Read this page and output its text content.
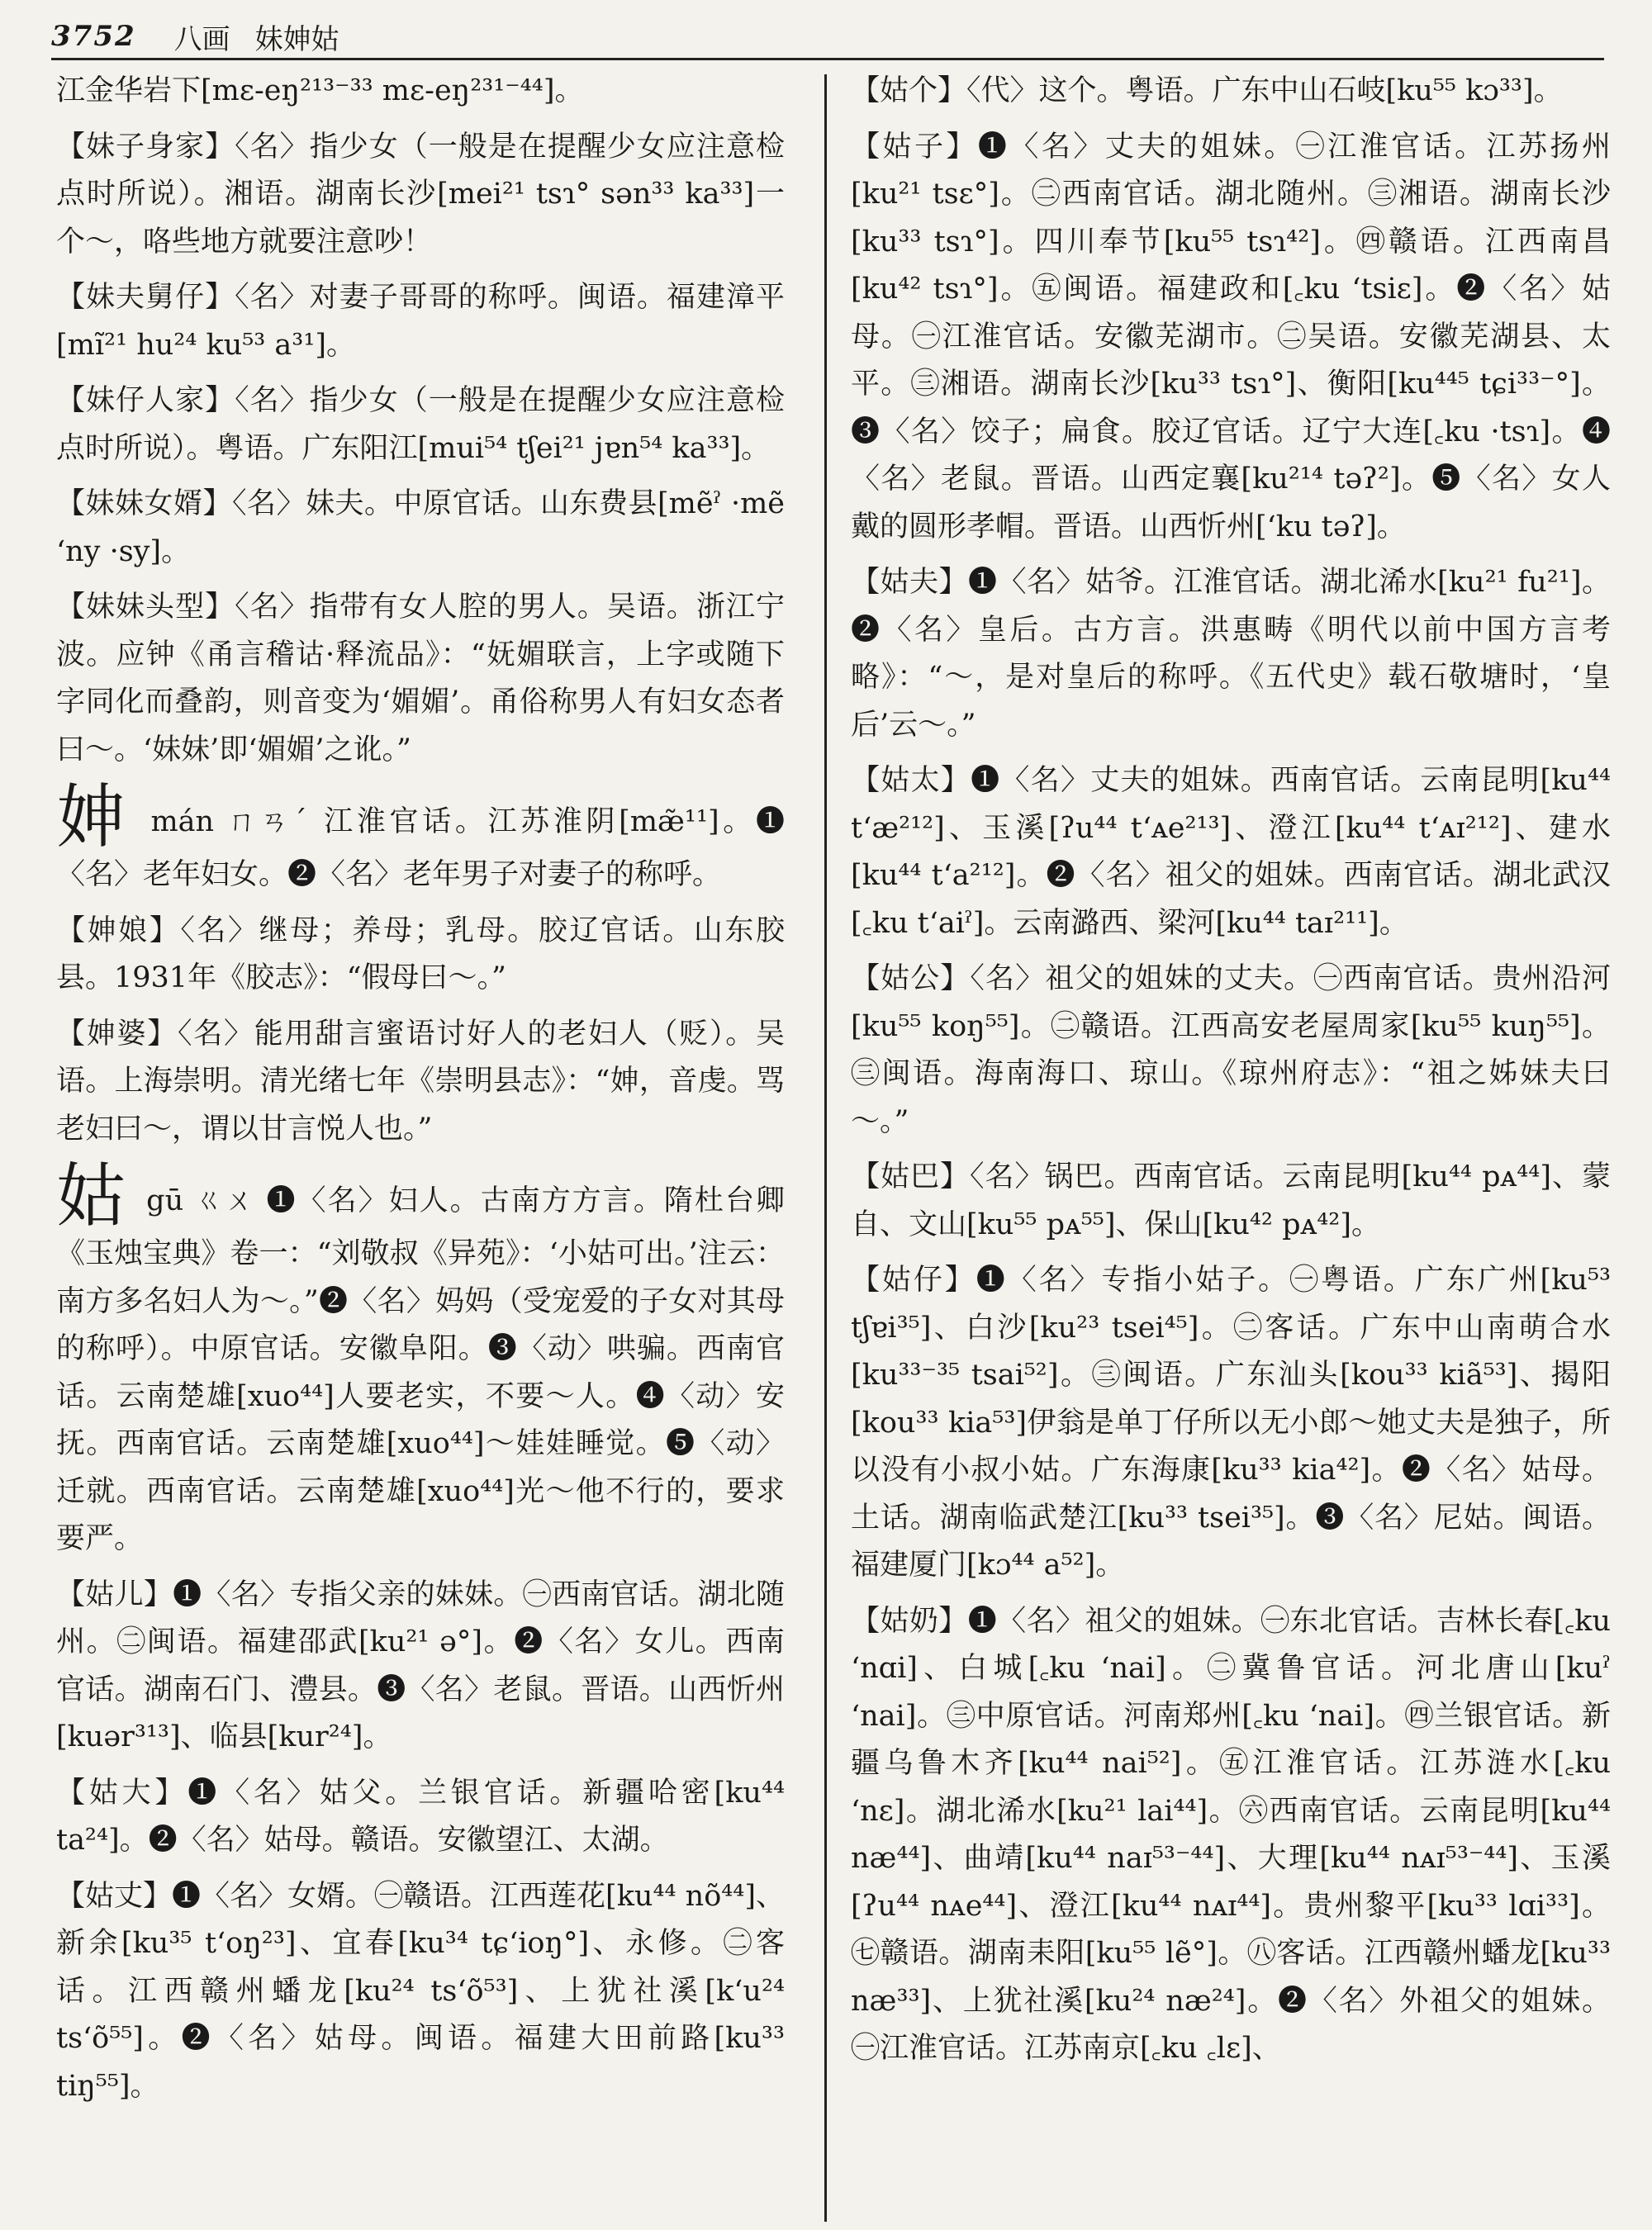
3752 八画 妹妽姑
江金华岩下[mɛ-eŋ²¹³⁻³³ mɛ-eŋ²³¹⁻⁴⁴]。
【妹子身家】〈名〉指少女（一般是在提醒少女应注意检点时所说）。湘语。湖南长沙[mei²¹ tsɿ° sən³³ ka³³]一个～，咯些地方就要注意吵！
【妹夫舅仔】〈名〉对妻子哥哥的称呼。闽语。福建漳平[mĩ²¹ hu²⁴ ku⁵³ a³¹]。
【妹仔人家】〈名〉指少女（一般是在提醒少女应注意检点时所说）。粤语。广东阳江[mui⁵⁴ tʃei²¹ jɐn⁵⁴ ka³³]。
【妹妹女婿】〈名〉妹夫。中原官话。山东费县[mẽˀ ·mẽ ʻny ·sy]。
【妹妹头型】〈名〉指带有女人腔的男人。吴语。浙江宁波。应钟《甬言稽诂·释流品》：“妩媚联言，上字或随下字同化而叠韵，则音变为‘媚媚’。甬俗称男人有妇女态者曰～。‘妹妹’即‘媚媚’之讹。”
妽 mán ㄇㄢˊ 江淮官话。江苏淮阴[mæ̃¹¹]。❶〈名〉老年妇女。❷〈名〉老年男子对妻子的称呼。
【妽娘】〈名〉继母；养母；乳母。胶辽官话。山东胶县。1931年《胶志》：“假母曰～。”
【妽婆】〈名〉能用甜言蜜语讨好人的老妇人（贬）。吴语。上海崇明。清光绪七年《崇明县志》：“妽，音虔。骂老妇曰～，谓以甘言悦人也。”
姑 gū ㄍㄨ ❶〈名〉妇人。古南方方言。隋杜台卿《玉烛宝典》卷一：“刘敬叔《异苑》：‘小姑可出。’注云：南方多名妇人为～。”❷〈名〉妈妈（受宠爱的子女对其母的称呼）。中原官话。安徽阜阳。❸〈动〉哄骗。西南官话。云南楚雄[xuo⁴⁴]人要老实，不要～人。❹〈动〉安抚。西南官话。云南楚雄[xuo⁴⁴]～娃娃睡觉。❺〈动〉迁就。西南官话。云南楚雄[xuo⁴⁴]光～他不行的，要求要严。
【姑儿】❶〈名〉专指父亲的妹妹。㊀西南官话。湖北随州。㊁闽语。福建邵武[ku²¹ ə°]。❷〈名〉女儿。西南官话。湖南石门、澧县。❸〈名〉老鼠。晋语。山西忻州[kuər³¹³]、临县[kur²⁴]。
【姑大】❶〈名〉姑父。兰银官话。新疆哈密[ku⁴⁴ ta²⁴]。❷〈名〉姑母。赣语。安徽望江、太湖。
【姑丈】❶〈名〉女婿。㊀赣语。江西莲花[ku⁴⁴ nõ⁴⁴]、新余[ku³⁵ tʻoŋ²³]、宜春[ku³⁴ tɕʻioŋ°]、永修。㊁客话。江西赣州蟠龙[ku²⁴ tsʻõ⁵³]、上犹社溪[kʻu²⁴ tsʻõ⁵⁵]。❷〈名〉姑母。闽语。福建大田前路[ku³³ tiŋ⁵⁵]。
【姑个】〈代〉这个。粤语。广东中山石岐[ku⁵⁵ kɔ³³]。
【姑子】❶〈名〉丈夫的姐妹。㊀江淮官话。江苏扬州[ku²¹ tsɛ°]。㊁西南官话。湖北随州。㊂湘语。湖南长沙[ku³³ tsɿ°]。四川奉节[ku⁵⁵ tsɿ⁴²]。㊃赣语。江西南昌[ku⁴² tsɿ°]。㊄闽语。福建政和[꜀ku ʻtsiɛ]。❷〈名〉姑母。㊀江淮官话。安徽芜湖市。㊁吴语。安徽芜湖县、太平。㊂湘语。湖南长沙[ku³³ tsɿ°]、衡阳[ku⁴⁴⁵ tɕi³³⁻°]。❸〈名〉饺子；扁食。胶辽官话。辽宁大连[꜀ku ·tsɿ]。❹〈名〉老鼠。晋语。山西定襄[ku²¹⁴ təʔ²]。❺〈名〉女人戴的圆形孝帽。晋语。山西忻州[ʻku təʔ]。
【姑夫】❶〈名〉姑爷。江淮官话。湖北浠水[ku²¹ fu²¹]。❷〈名〉皇后。古方言。洪惠畴《明代以前中国方言考略》：“～，是对皇后的称呼。《五代史》载石敬塘时，‘皇后’云～。”
【姑太】❶〈名〉丈夫的姐妹。西南官话。云南昆明[ku⁴⁴ tʻæ²¹²]、玉溪[ʔu⁴⁴ tʻᴀe²¹³]、澄江[ku⁴⁴ tʻᴀɪ²¹²]、建水[ku⁴⁴ tʻa²¹²]。❷〈名〉祖父的姐妹。西南官话。湖北武汉[꜀ku tʻaiˀ]。云南潞西、梁河[ku⁴⁴ taɪ²¹¹]。
【姑公】〈名〉祖父的姐妹的丈夫。㊀西南官话。贵州沿河[ku⁵⁵ koŋ⁵⁵]。㊁赣语。江西高安老屋周家[ku⁵⁵ kuŋ⁵⁵]。㊂闽语。海南海口、琼山。《琼州府志》：“祖之姊妹夫曰～。”
【姑巴】〈名〉锅巴。西南官话。云南昆明[ku⁴⁴ pᴀ⁴⁴]、蒙自、文山[ku⁵⁵ pᴀ⁵⁵]、保山[ku⁴² pᴀ⁴²]。
【姑仔】❶〈名〉专指小姑子。㊀粤语。广东广州[ku⁵³ tʃɐi³⁵]、白沙[ku²³ tsei⁴⁵]。㊁客话。广东中山南萌合水[ku³³⁻³⁵ tsai⁵²]。㊂闽语。广东汕头[kou³³ kiã⁵³]、揭阳[kou³³ kia⁵³]伊翁是单丁仔所以无小郎～她丈夫是独子，所以没有小叔小姑。广东海康[ku³³ kia⁴²]。❷〈名〉姑母。土话。湖南临武楚江[ku³³ tsei³⁵]。❸〈名〉尼姑。闽语。福建厦门[kɔ⁴⁴ a⁵²]。
【姑奶】❶〈名〉祖父的姐妹。㊀东北官话。吉林长春[꜀ku ʻnɑi]、白城[꜀ku ʻnai]。㊁冀鲁官话。河北唐山[kuˀ ʻnai]。㊂中原官话。河南郑州[꜀ku ʻnai]。㊃兰银官话。新疆乌鲁木齐[ku⁴⁴ nai⁵²]。㊄江淮官话。江苏涟水[꜀ku ʻnɛ]。湖北浠水[ku²¹ lai⁴⁴]。㊅西南官话。云南昆明[ku⁴⁴ næ⁴⁴]、曲靖[ku⁴⁴ naɪ⁵³⁻⁴⁴]、大理[ku⁴⁴ nᴀɪ⁵³⁻⁴⁴]、玉溪[ʔu⁴⁴ nᴀe⁴⁴]、澄江[ku⁴⁴ nᴀɪ⁴⁴]。贵州黎平[ku³³ lɑi³³]。㊆赣语。湖南耒阳[ku⁵⁵ lẽ°]。㊇客话。江西赣州蟠龙[ku³³ næ³³]、上犹社溪[ku²⁴ næ²⁴]。❷〈名〉外祖父的姐妹。㊀江淮官话。江苏南京[꜀ku ꜀lɛ]、
